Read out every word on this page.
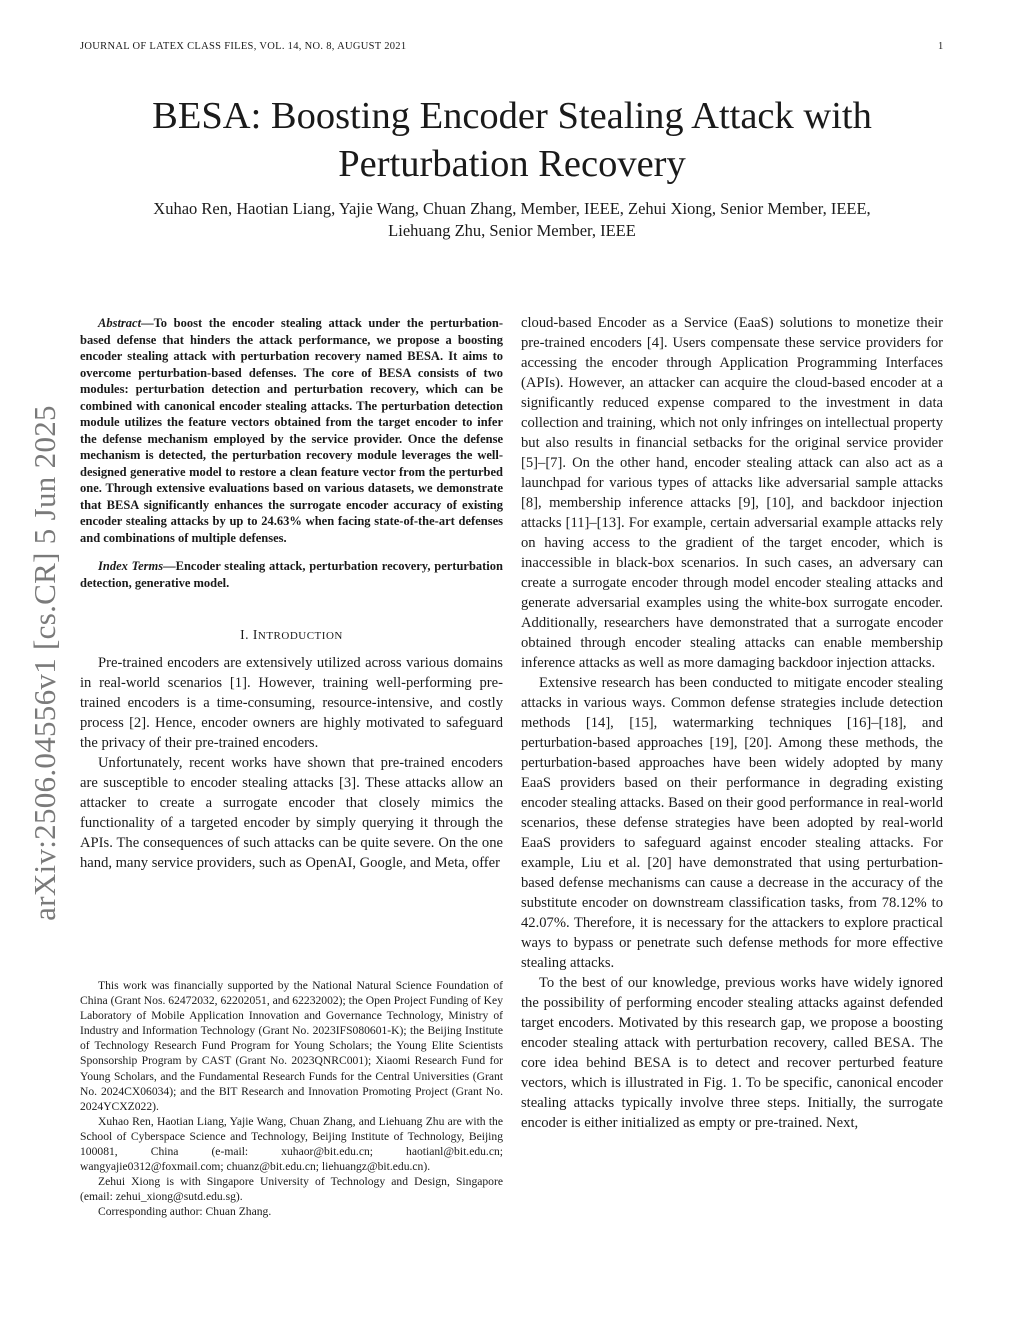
JOURNAL OF LATEX CLASS FILES, VOL. 14, NO. 8, AUGUST 2021	1
arXiv:2506.04556v1 [cs.CR] 5 Jun 2025
BESA: Boosting Encoder Stealing Attack with
Perturbation Recovery
Xuhao Ren, Haotian Liang, Yajie Wang, Chuan Zhang, Member, IEEE, Zehui Xiong, Senior Member, IEEE,
Liehuang Zhu, Senior Member, IEEE

Abstract—To boost the encoder stealing attack under the perturbation-based defense that hinders the attack performance, we propose a boosting encoder stealing attack with perturbation recovery named BESA. It aims to overcome perturbation-based defenses. The core of BESA consists of two modules: perturbation detection and perturbation recovery, which can be combined with canonical encoder stealing attacks. The perturbation detection module utilizes the feature vectors obtained from the target encoder to infer the defense mechanism employed by the service provider. Once the defense mechanism is detected, the perturbation recovery module leverages the well-designed generative model to restore a clean feature vector from the perturbed one. Through extensive evaluations based on various datasets, we demonstrate that BESA significantly enhances the surrogate encoder accuracy of existing encoder stealing attacks by up to 24.63% when facing state-of-the-art defenses and combinations of multiple defenses.

Index Terms—Encoder stealing attack, perturbation recovery, perturbation detection, generative model.

I. INTRODUCTION

Pre-trained encoders are extensively utilized across various domains in real-world scenarios [1]. However, training well-performing pre-trained encoders is a time-consuming, resource-intensive, and costly process [2]. Hence, encoder owners are highly motivated to safeguard the privacy of their pre-trained encoders.

Unfortunately, recent works have shown that pre-trained encoders are susceptible to encoder stealing attacks [3]. These attacks allow an attacker to create a surrogate encoder that closely mimics the functionality of a targeted encoder by simply querying it through the APIs. The consequences of such attacks can be quite severe. On the one hand, many service providers, such as OpenAI, Google, and Meta, offer

This work was financially supported by the National Natural Science Foundation of China (Grant Nos. 62472032, 62202051, and 62232002); the Open Project Funding of Key Laboratory of Mobile Application Innovation and Governance Technology, Ministry of Industry and Information Technology (Grant No. 2023IFS080601-K); the Beijing Institute of Technology Research Fund Program for Young Scholars; the Young Elite Scientists Sponsorship Program by CAST (Grant No. 2023QNRC001); Xiaomi Research Fund for Young Scholars, and the Fundamental Research Funds for the Central Universities (Grant No. 2024CX06034); and the BIT Research and Innovation Promoting Project (Grant No. 2024YCXZ022).

Xuhao Ren, Haotian Liang, Yajie Wang, Chuan Zhang, and Liehuang Zhu are with the School of Cyberspace Science and Technology, Beijing Institute of Technology, Beijing 100081, China (e-mail: xuhaor@bit.edu.cn; haotianl@bit.edu.cn; wangyajie0312@foxmail.com; chuanz@bit.edu.cn; liehuangz@bit.edu.cn).

Zehui Xiong is with Singapore University of Technology and Design, Singapore (email: zehui_xiong@sutd.edu.sg).

Corresponding author: Chuan Zhang.

cloud-based Encoder as a Service (EaaS) solutions to monetize their pre-trained encoders [4]. Users compensate these service providers for accessing the encoder through Application Programming Interfaces (APIs). However, an attacker can acquire the cloud-based encoder at a significantly reduced expense compared to the investment in data collection and training, which not only infringes on intellectual property but also results in financial setbacks for the original service provider [5]–[7]. On the other hand, encoder stealing attack can also act as a launchpad for various types of attacks like adversarial sample attacks [8], membership inference attacks [9], [10], and backdoor injection attacks [11]–[13]. For example, certain adversarial example attacks rely on having access to the gradient of the target encoder, which is inaccessible in black-box scenarios. In such cases, an adversary can create a surrogate encoder through model encoder stealing attacks and generate adversarial examples using the white-box surrogate encoder. Additionally, researchers have demonstrated that a surrogate encoder obtained through encoder stealing attacks can enable membership inference attacks as well as more damaging backdoor injection attacks.

Extensive research has been conducted to mitigate encoder stealing attacks in various ways. Common defense strategies include detection methods [14], [15], watermarking techniques [16]–[18], and perturbation-based approaches [19], [20]. Among these methods, the perturbation-based approaches have been widely adopted by many EaaS providers based on their performance in degrading existing encoder stealing attacks. Based on their good performance in real-world scenarios, these defense strategies have been adopted by real-world EaaS providers to safeguard against encoder stealing attacks. For example, Liu et al. [20] have demonstrated that using perturbation-based defense mechanisms can cause a decrease in the accuracy of the substitute encoder on downstream classification tasks, from 78.12% to 42.07%. Therefore, it is necessary for the attackers to explore practical ways to bypass or penetrate such defense methods for more effective stealing attacks.

To the best of our knowledge, previous works have widely ignored the possibility of performing encoder stealing attacks against defended target encoders. Motivated by this research gap, we propose a boosting encoder stealing attack with perturbation recovery, called BESA. The core idea behind BESA is to detect and recover perturbed feature vectors, which is illustrated in Fig. 1. To be specific, canonical encoder stealing attacks typically involve three steps. Initially, the surrogate encoder is either initialized as empty or pre-trained. Next,
